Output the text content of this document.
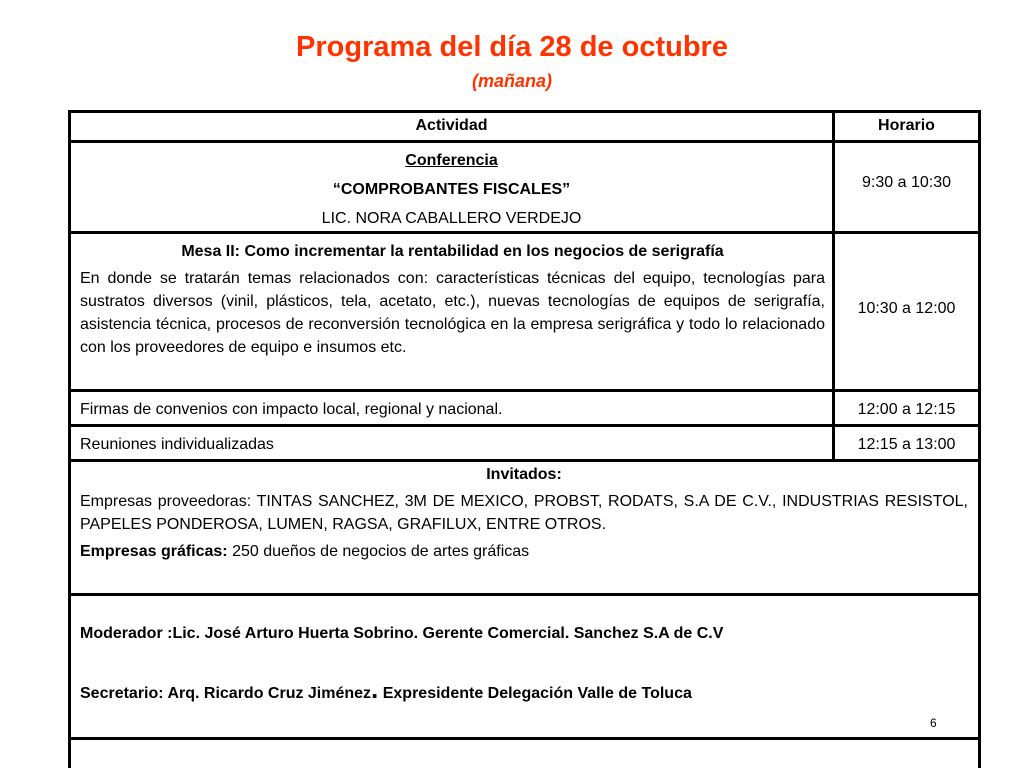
Programa del día 28 de octubre
(mañana)
Actividad	Horario
Conferencia
“COMPROBANTES FISCALES”
LIC. NORA CABALLERO VERDEJO
9:30 a 10:30
Mesa II: Como incrementar la rentabilidad en los negocios de serigrafía
En donde se tratarán temas relacionados con: características técnicas del equipo, tecnologías para sustratos diversos (vinil, plásticos, tela, acetato, etc.), nuevas tecnologías de equipos de serigrafía, asistencia técnica, procesos de reconversión tecnológica en la empresa serigráfica y todo lo relacionado con los proveedores de equipo e insumos etc.
10:30 a 12:00
Firmas de convenios con impacto local, regional y nacional.	12:00 a 12:15
Reuniones individualizadas	12:15 a 13:00
Invitados:
Empresas proveedoras: TINTAS SANCHEZ, 3M DE MEXICO, PROBST, RODATS, S.A DE C.V., INDUSTRIAS RESISTOL, PAPELES PONDEROSA, LUMEN, RAGSA, GRAFILUX, ENTRE OTROS.
Empresas gráficas: 250 dueños de negocios de artes gráficas
Moderador :Lic. José Arturo Huerta Sobrino. Gerente Comercial. Sanchez S.A de C.V
Secretario: Arq. Ricardo Cruz Jiménez. Expresidente Delegación Valle de Toluca
6
